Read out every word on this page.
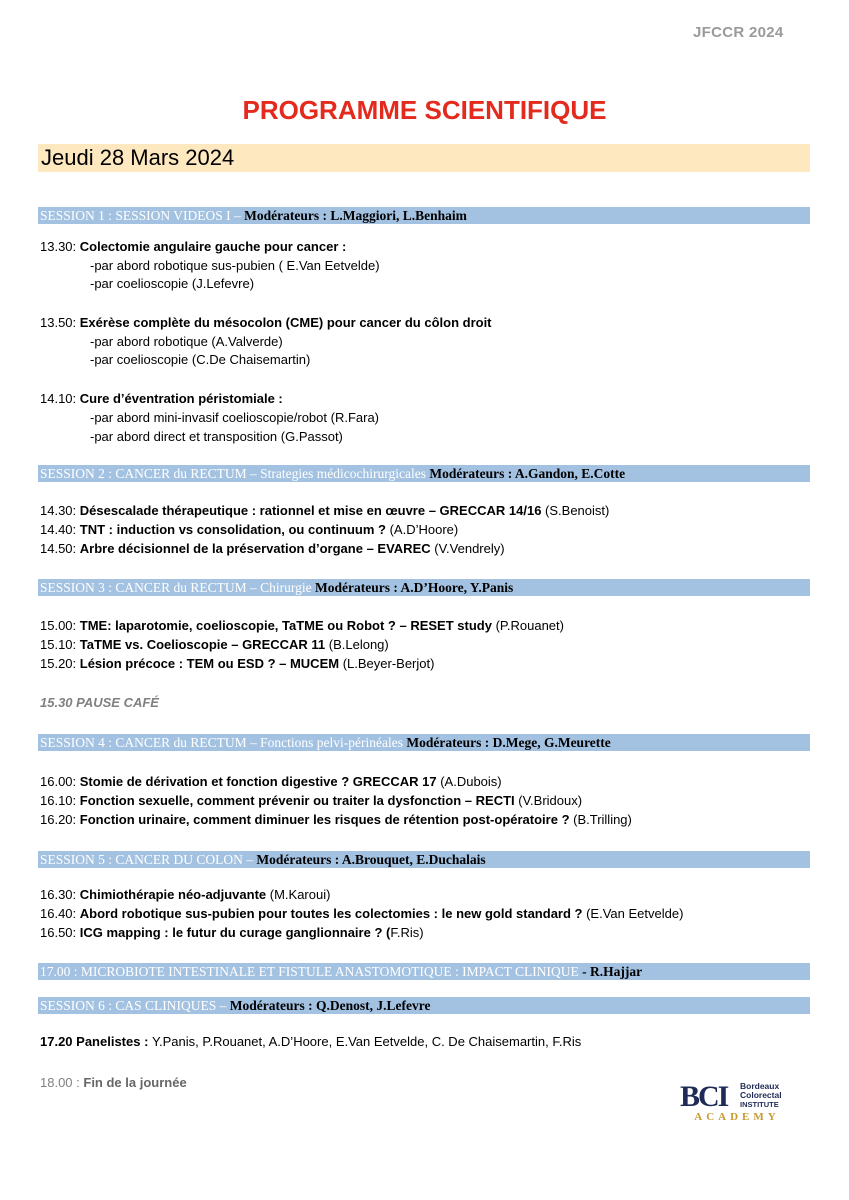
JFCCR 2024
PROGRAMME SCIENTIFIQUE
Jeudi 28 Mars 2024
SESSION 1 : SESSION VIDEOS I – Modérateurs : L.Maggiori, L.Benhaim
13.30: Colectomie angulaire gauche pour cancer :
-par abord robotique sus-pubien ( E.Van Eetvelde)
-par coelioscopie (J.Lefevre)
13.50: Exérèse complète du mésocolon (CME) pour cancer du côlon droit
-par abord robotique (A.Valverde)
-par coelioscopie (C.De Chaisemartin)
14.10: Cure d’éventration péristomiale :
-par abord mini-invasif coelioscopie/robot (R.Fara)
-par abord direct et transposition (G.Passot)
SESSION 2 : CANCER du RECTUM – Strategies médicochirurgicales Modérateurs : A.Gandon, E.Cotte
14.30: Désescalade thérapeutique : rationnel et mise en œuvre – GRECCAR 14/16 (S.Benoist)
14.40: TNT : induction vs consolidation, ou continuum ? (A.D’Hoore)
14.50: Arbre décisionnel de la préservation d’organe – EVAREC (V.Vendrely)
SESSION 3 : CANCER du RECTUM – Chirurgie Modérateurs : A.D’Hoore, Y.Panis
15.00: TME: laparotomie, coelioscopie, TaTME ou Robot ? – RESET study (P.Rouanet)
15.10: TaTME vs. Coelioscopie – GRECCAR 11 (B.Lelong)
15.20: Lésion précoce : TEM ou ESD ? – MUCEM (L.Beyer-Berjot)
15.30 PAUSE CAFÉ
SESSION 4 : CANCER du RECTUM – Fonctions pelvi-périnéales Modérateurs : D.Mege, G.Meurette
16.00: Stomie de dérivation et fonction digestive ? GRECCAR 17 (A.Dubois)
16.10: Fonction sexuelle, comment prévenir ou traiter la dysfonction – RECTI (V.Bridoux)
16.20: Fonction urinaire, comment diminuer les risques de rétention post-opératoire ? (B.Trilling)
SESSION 5 : CANCER DU COLON – Modérateurs : A.Brouquet, E.Duchalais
16.30: Chimiothérapie néo-adjuvante (M.Karoui)
16.40: Abord robotique sus-pubien pour toutes les colectomies : le new gold standard ? (E.Van Eetvelde)
16.50: ICG mapping : le futur du curage ganglionnaire ? (F.Ris)
17.00 : MICROBIOTE INTESTINALE ET FISTULE ANASTOMOTIQUE : IMPACT CLINIQUE - R.Hajjar
SESSION 6 : CAS CLINIQUES – Modérateurs : Q.Denost, J.Lefevre
17.20 Panelistes : Y.Panis, P.Rouanet, A.D’Hoore, E.Van Eetvelde, C. De Chaisemartin, F.Ris
18.00 : Fin de la journée	BCI Bordeaux
Colorectal
INSTITUTE
ACADEMY
